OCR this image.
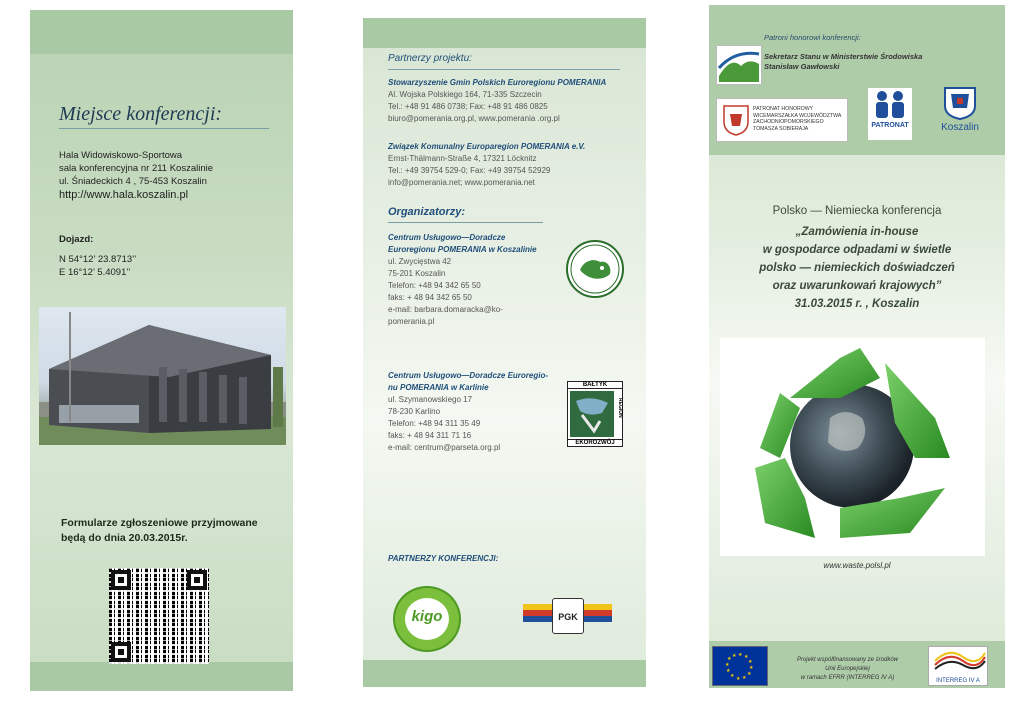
Miejsce konferencji:
Hala Widowiskowo-Sportowa
sala konferencyjna nr 211 Koszalinie
ul. Śniadeckich 4 , 75-453 Koszalin
http://www.hala.koszalin.pl
Dojazd:
N 54°12’ 23.8713’’
E 16°12’ 5.4091’’
Formularze zgłoszeniowe przyjmowane
będą do dnia 20.03.2015r.
Partnerzy projektu:
Stowarzyszenie Gmin Polskich Euroregionu POMERANIA
Al. Wojska Polskiego 164, 71-335 Szczecin
Tel.: +48 91 486 0738; Fax: +48 91 486 0825
biuro@pomerania.org.pl, www.pomerania .org.pl
Związek Komunalny Europaregion POMERANIA e.V.
Ernst-Thälmann-Straße 4, 17321 Löcknitz
Tel.: +49 39754 529-0; Fax: +49 39754 52929
info@pomerania.net; www.pomerania.net
Organizatorzy:
Centrum Usługowo—Doradcze
Euroregionu POMERANIA w Koszalinie
ul. Zwycięstwa 42
75-201 Koszalin
Telefon: +48 94 342 65 50
faks: + 48 94 342 65 50
e-mail: barbara.domaracka@ko-
pomerania.pl
Centrum Usługowo—Doradcze Euroregio-
nu POMERANIA w Karlinie
ul. Szymanowskiego 17
78-230 Karlino
Telefon: +48 94 311 35 49
faks: + 48 94 311 71 16
e-mail: centrum@parseta.org.pl
BAŁTYK
REGION
EKOROZWÓJ
PARTNERZY KONFERENCJI:
kigo	PGK
Patroni honorowi konferencji:
Sekretarz Stanu w Ministerstwie Środowiska
Stanisław Gawłowski
PATRONAT HONOROWY
WICEMARSZAŁKA WOJEWÓDZTWA
ZACHODNIOPOMORSKIEGO
TOMASZA SOBIERAJA	PATRONAT	Koszalin
Polsko — Niemiecka konferencja
„Zamówienia in-house
w gospodarce odpadami w świetle
polsko — niemieckich doświadczeń
oraz uwarunkowań krajowych”
31.03.2015 r. , Koszalin
www.waste.polsl.pl
★ ★
★
★
★
★
★
★
★
★
★ ★
Projekt współfinansowany ze środków
Unii Europejskiej
w ramach EFRR (INTERREG IV A)	INTERREG IV A
